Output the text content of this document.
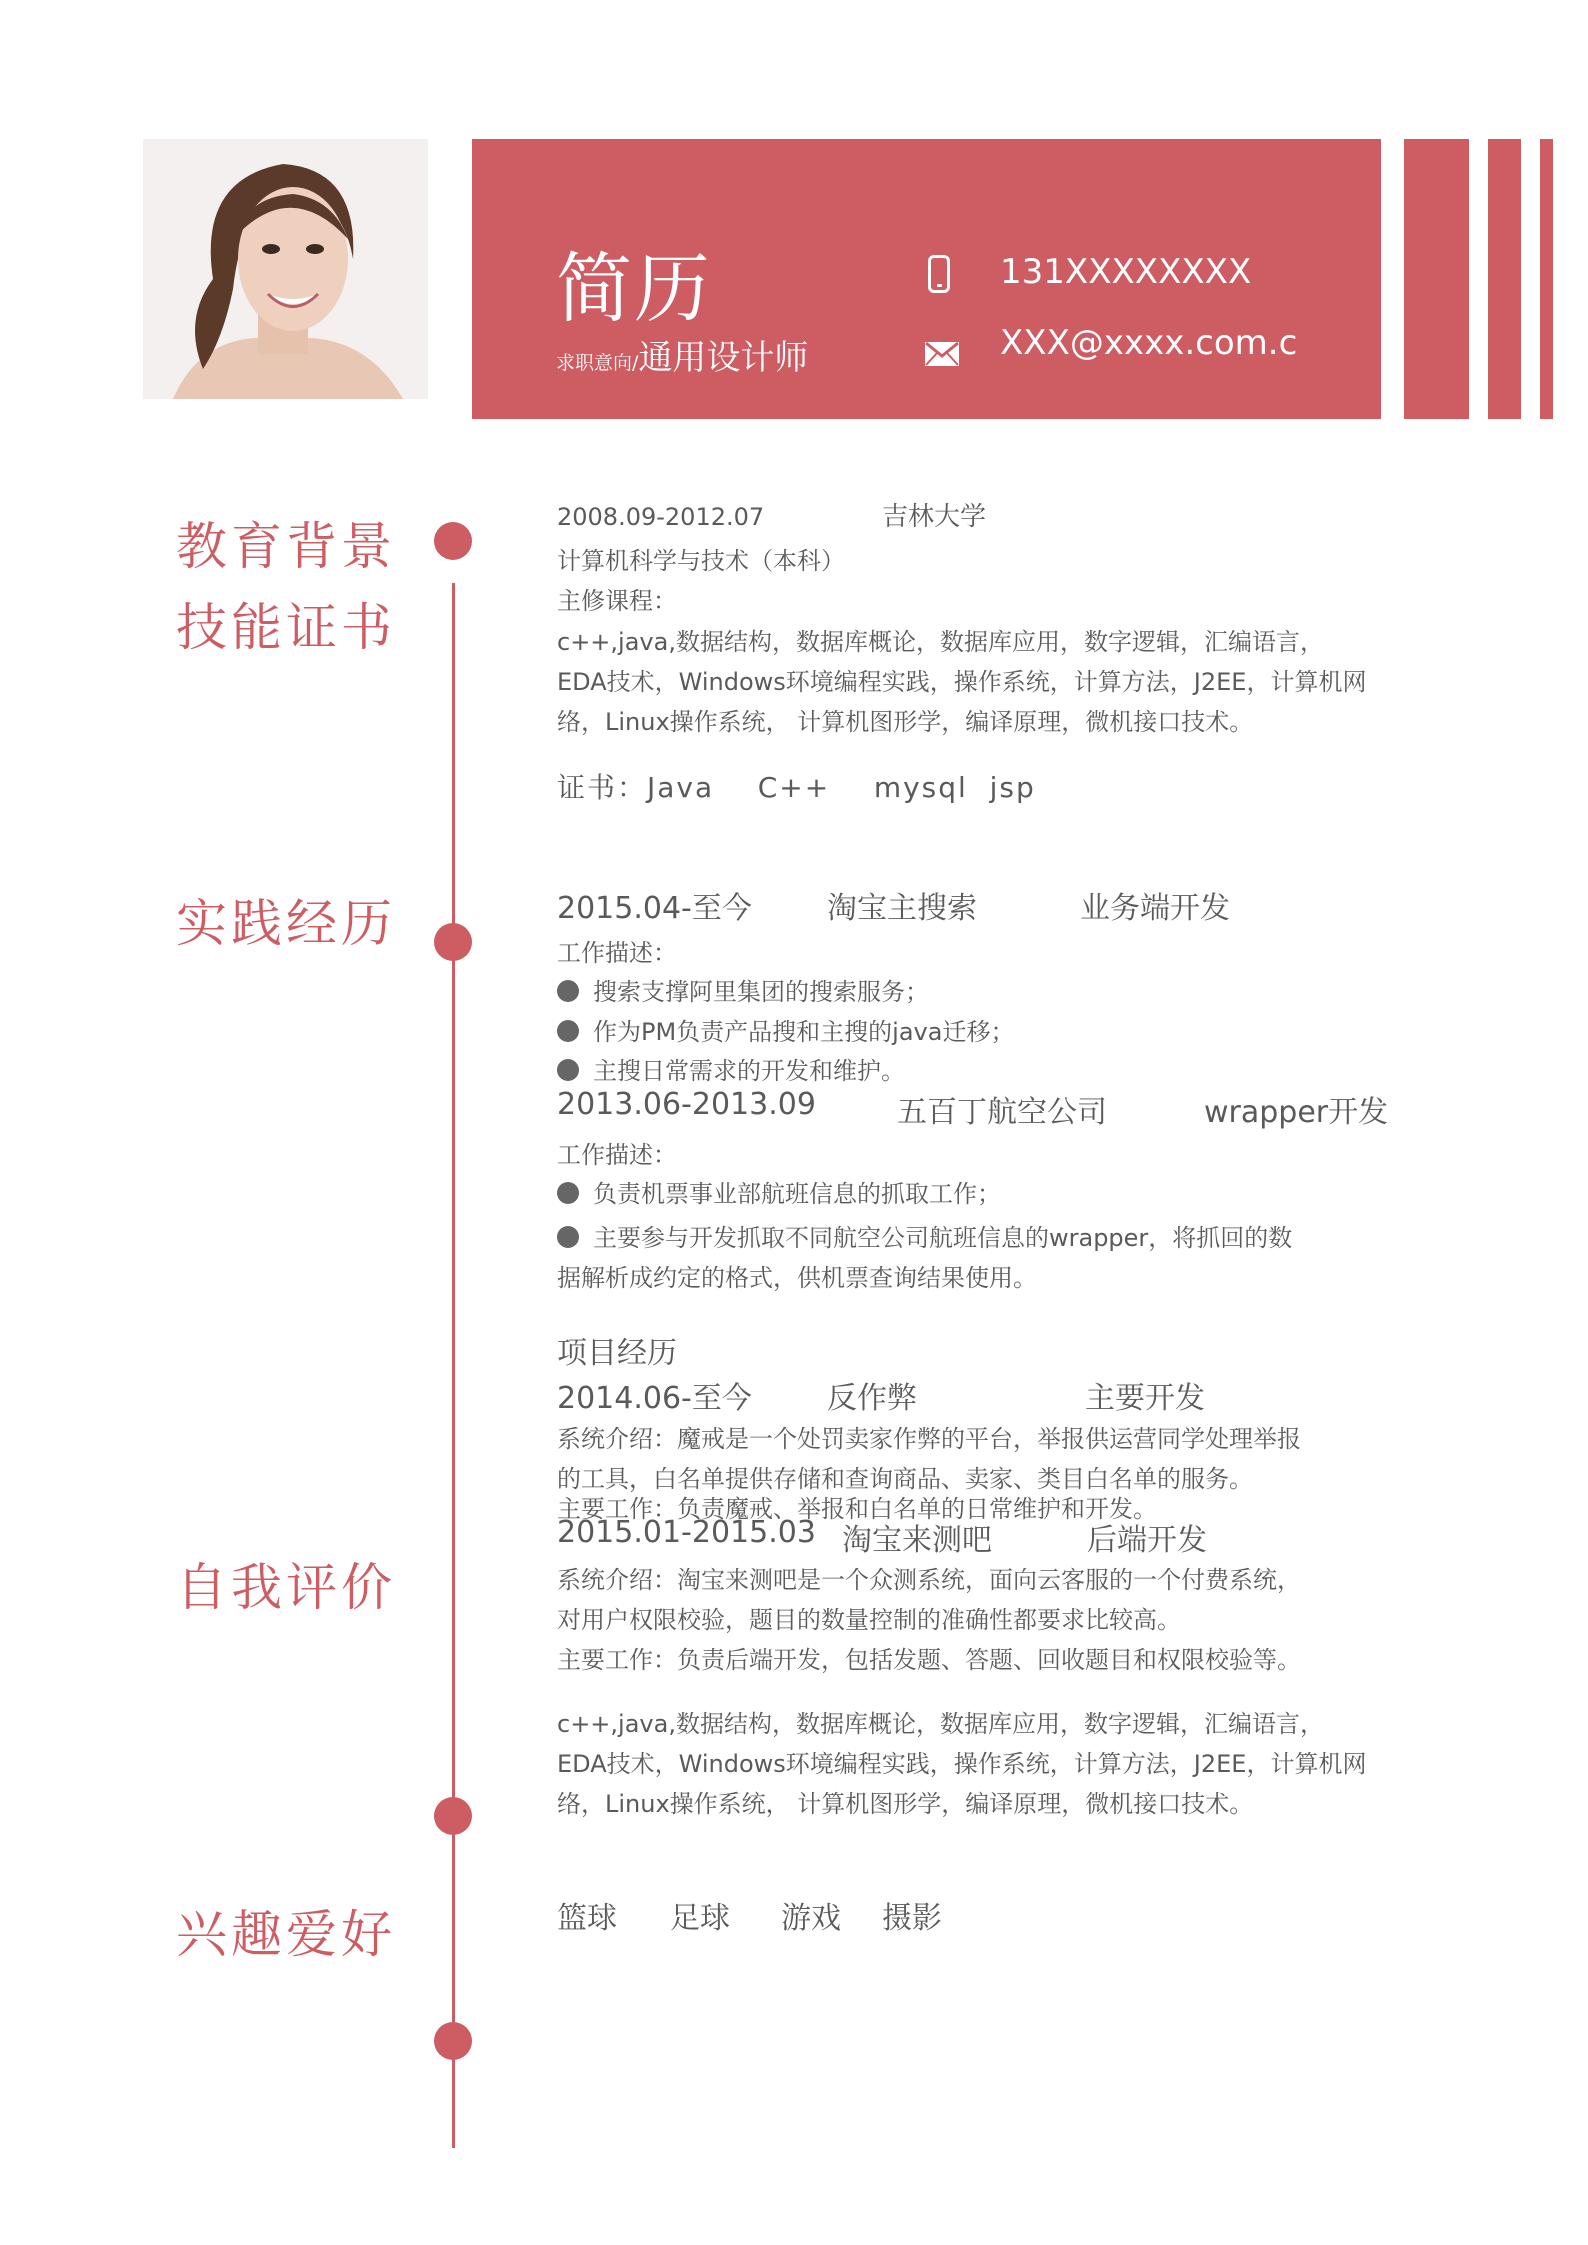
简历
求职意向/通用设计师
131XXXXXXXX
XXX@xxxx.com.c
教育背景
技能证书
实践经历
自我评价
兴趣爱好
2008.09-2012.07	吉林大学
计算机科学与技术（本科）
主修课程：
c++,java,数据结构，数据库概论，数据库应用，数字逻辑，汇编语言，
EDA技术，Windows环境编程实践，操作系统，计算方法，J2EE，计算机网
络，Linux操作系统， 计算机图形学，编译原理，微机接口技术。
证书：Java    C++    mysql  jsp
2015.04-至今	淘宝主搜索	业务端开发
工作描述：
搜索支撑阿里集团的搜索服务；
作为PM负责产品搜和主搜的java迁移；
主搜日常需求的开发和维护。
2013.06-2013.09	五百丁航空公司	wrapper开发
工作描述：
负责机票事业部航班信息的抓取工作；
主要参与开发抓取不同航空公司航班信息的wrapper，将抓回的数
据解析成约定的格式，供机票查询结果使用。
项目经历
2014.06-至今	反作弊	主要开发
系统介绍：魔戒是一个处罚卖家作弊的平台，举报供运营同学处理举报
的工具，白名单提供存储和查询商品、卖家、类目白名单的服务。
主要工作：负责魔戒、举报和白名单的日常维护和开发。
2015.01-2015.03 淘宝来测吧	后端开发
系统介绍：淘宝来测吧是一个众测系统，面向云客服的一个付费系统，
对用户权限校验，题目的数量控制的准确性都要求比较高。
主要工作：负责后端开发，包括发题、答题、回收题目和权限校验等。
c++,java,数据结构，数据库概论，数据库应用，数字逻辑，汇编语言，
EDA技术，Windows环境编程实践，操作系统，计算方法，J2EE，计算机网
络，Linux操作系统， 计算机图形学，编译原理，微机接口技术。
篮球 足球 游戏 摄影
